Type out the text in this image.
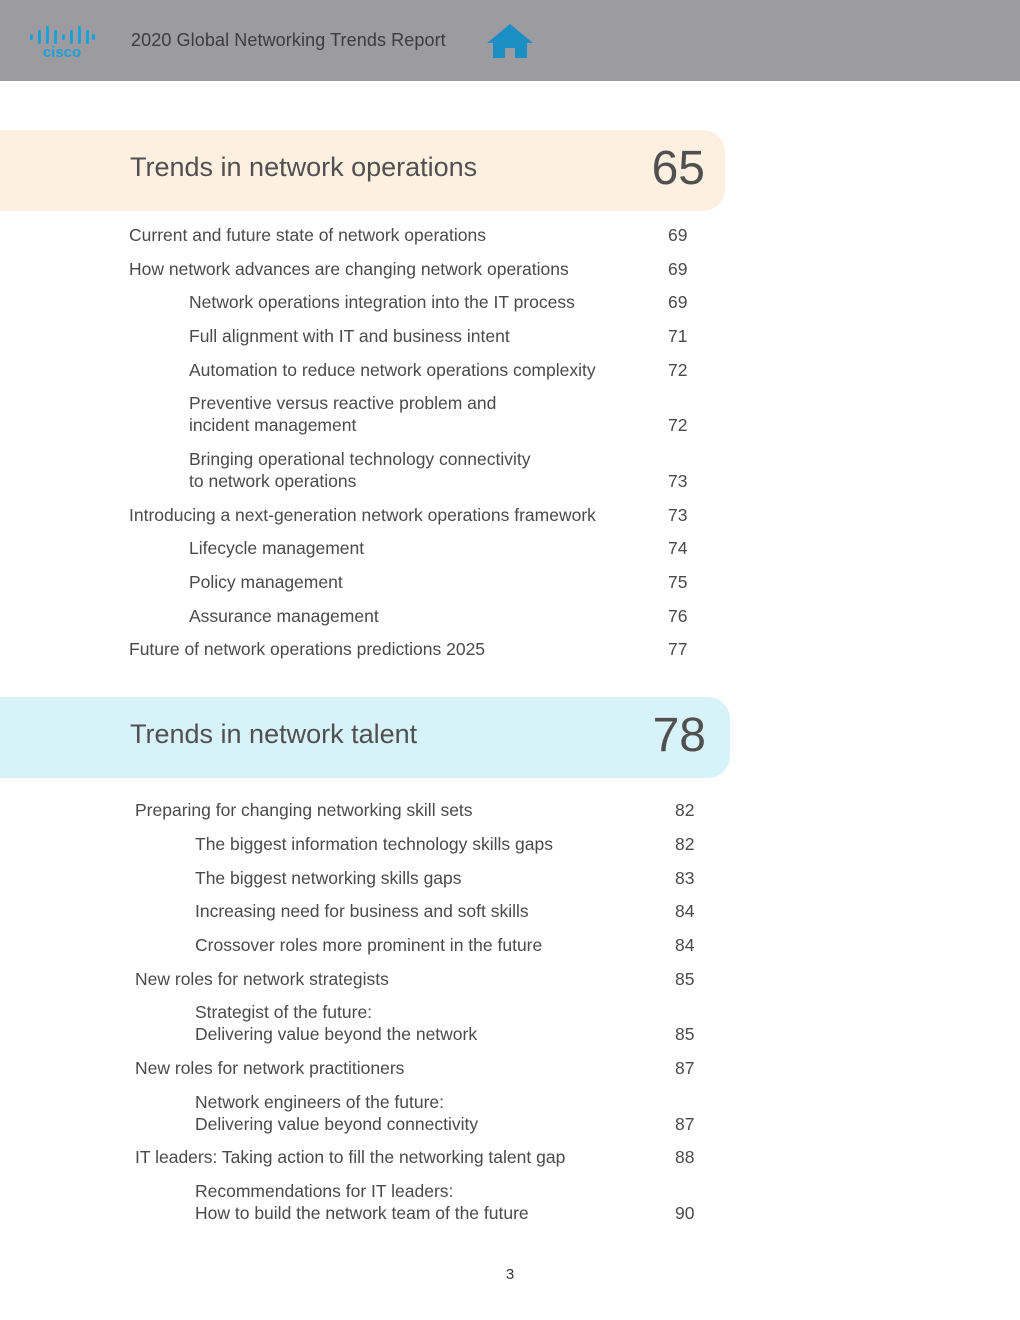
cisco
2020 Global Networking Trends Report
Trends in network operations	65
Current and future state of network operations	69
How network advances are changing network operations	69
Network operations integration into the IT process	69
Full alignment with IT and business intent	71
Automation to reduce network operations complexity	72
Preventive versus reactive problem and
incident management	72
Bringing operational technology connectivity
to network operations	73
Introducing a next-generation network operations framework	73
Lifecycle management	74
Policy management	75
Assurance management	76
Future of network operations predictions 2025	77
Trends in network talent	78
Preparing for changing networking skill sets	82
The biggest information technology skills gaps	82
The biggest networking skills gaps	83
Increasing need for business and soft skills	84
Crossover roles more prominent in the future	84
New roles for network strategists	85
Strategist of the future:
Delivering value beyond the network	85
New roles for network practitioners	87
Network engineers of the future:
Delivering value beyond connectivity	87
IT leaders: Taking action to fill the networking talent gap	88
Recommendations for IT leaders:
How to build the network team of the future	90
3
